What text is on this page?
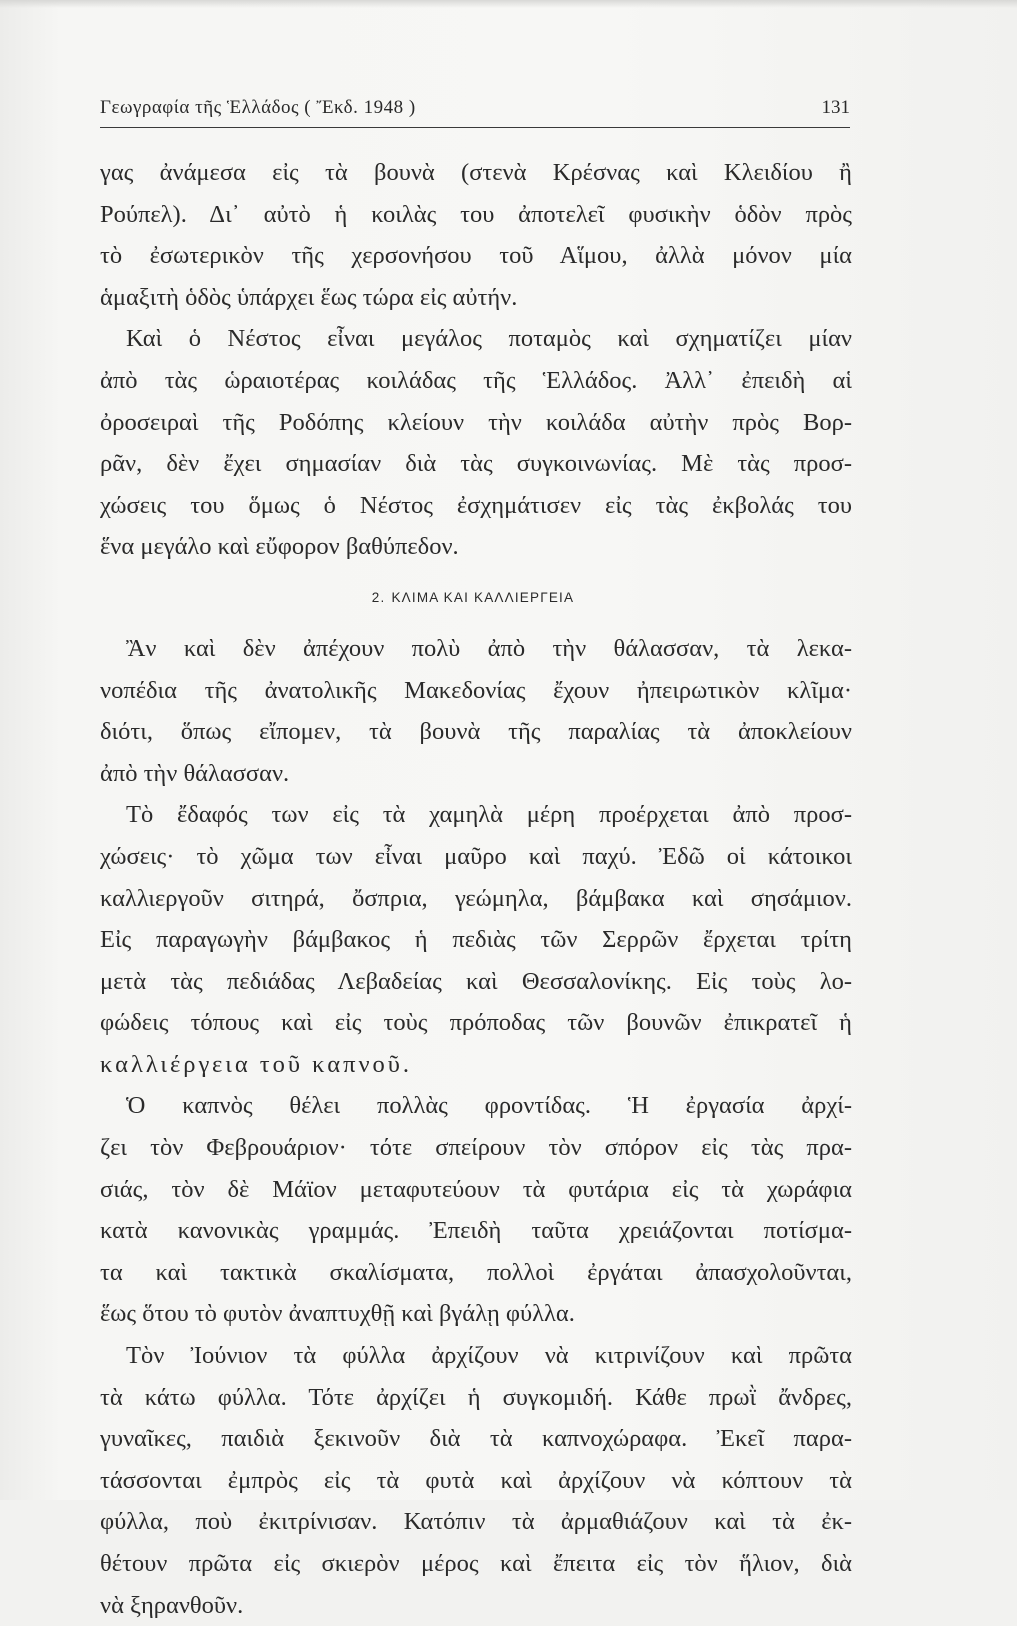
Γεωγραφία τῆς Ἑλλάδος ( Ἔκδ. 1948 )	131
γας ἀνάμεσα εἰς τὰ βουνὰ (στενὰ Κρέσνας καὶ Κλειδίου ἢ
Ρούπελ). Δι᾽ αὐτὸ ἡ κοιλὰς του ἀποτελεῖ φυσικὴν ὁδὸν πρὸς
τὸ ἐσωτερικὸν τῆς χερσονήσου τοῦ Αἵμου, ἀλλὰ μόνον μία
ἁμαξιτὴ ὁδὸς ὑπάρχει ἕως τώρα εἰς αὐτήν.
Καὶ ὁ Νέστος εἶναι μεγάλος ποταμὸς καὶ σχηματίζει μίαν
ἀπὸ τὰς ὡραιοτέρας κοιλάδας τῆς Ἑλλάδος. Ἀλλ᾽ ἐπειδὴ αἱ
ὀροσειραὶ τῆς Ροδόπης κλείουν τὴν κοιλάδα αὐτὴν πρὸς Βορ-
ρᾶν, δὲν ἔχει σημασίαν διὰ τὰς συγκοινωνίας. Μὲ τὰς προσ-
χώσεις του ὅμως ὁ Νέστος ἐσχημάτισεν εἰς τὰς ἐκβολάς του
ἕνα μεγάλο καὶ εὔφορον βαθύπεδον.
2. ΚΛΙΜΑ ΚΑΙ ΚΑΛΛΙΕΡΓΕΙΑ
Ἂν καὶ δὲν ἀπέχουν πολὺ ἀπὸ τὴν θάλασσαν, τὰ λεκα-
νοπέδια τῆς ἀνατολικῆς Μακεδονίας ἔχουν ἠπειρωτικὸν κλῖμα·
διότι, ὅπως εἴπομεν, τὰ βουνὰ τῆς παραλίας τὰ ἀποκλείουν
ἀπὸ τὴν θάλασσαν.
Τὸ ἔδαφός των εἰς τὰ χαμηλὰ μέρη προέρχεται ἀπὸ προσ-
χώσεις· τὸ χῶμα των εἶναι μαῦρο καὶ παχύ. Ἐδῶ οἱ κάτοικοι
καλλιεργοῦν σιτηρά, ὄσπρια, γεώμηλα, βάμβακα καὶ σησάμιον.
Εἰς παραγωγὴν βάμβακος ἡ πεδιὰς τῶν Σερρῶν ἔρχεται τρίτη
μετὰ τὰς πεδιάδας Λεβαδείας καὶ Θεσσαλονίκης. Εἰς τοὺς λο-
φώδεις τόπους καὶ εἰς τοὺς πρόποδας τῶν βουνῶν ἐπικρατεῖ ἡ
καλλιέργεια τοῦ καπνοῦ.
Ὁ καπνὸς θέλει πολλὰς φροντίδας. Ἡ ἐργασία ἀρχί-
ζει τὸν Φεβρουάριον· τότε σπείρουν τὸν σπόρον εἰς τὰς πρα-
σιάς, τὸν δὲ Μάϊον μεταφυτεύουν τὰ φυτάρια εἰς τὰ χωράφια
κατὰ κανονικὰς γραμμάς. Ἐπειδὴ ταῦτα χρειάζονται ποτίσμα-
τα καὶ τακτικὰ σκαλίσματα, πολλοὶ ἐργάται ἀπασχολοῦνται,
ἕως ὅτου τὸ φυτὸν ἀναπτυχθῇ καὶ βγάλῃ φύλλα.
Τὸν Ἰούνιον τὰ φύλλα ἀρχίζουν νὰ κιτρινίζουν καὶ πρῶτα
τὰ κάτω φύλλα. Τότε ἀρχίζει ἡ συγκομιδή. Κάθε πρωῒ ἄνδρες,
γυναῖκες, παιδιὰ ξεκινοῦν διὰ τὰ καπνοχώραφα. Ἐκεῖ παρα-
τάσσονται ἐμπρὸς εἰς τὰ φυτὰ καὶ ἀρχίζουν νὰ κόπτουν τὰ
φύλλα, ποὺ ἐκιτρίνισαν. Κατόπιν τὰ ἀρμαθιάζουν καὶ τὰ ἐκ-
θέτουν πρῶτα εἰς σκιερὸν μέρος καὶ ἔπειτα εἰς τὸν ἥλιον, διὰ
νὰ ξηρανθοῦν.
